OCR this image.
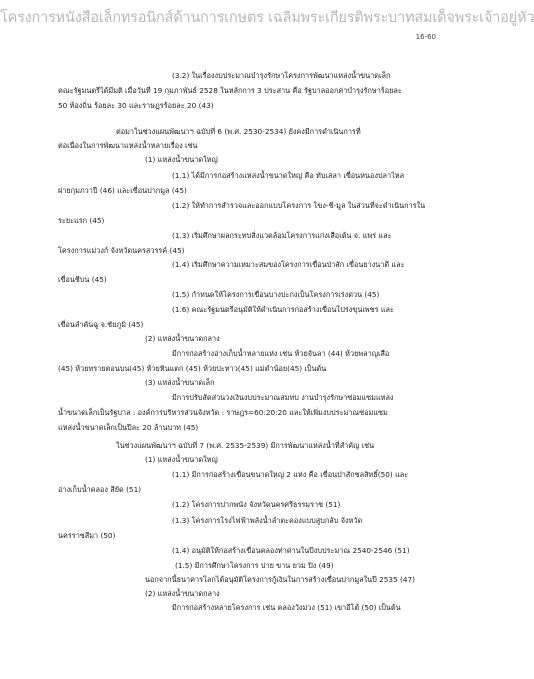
โครงการหนังสือเล็กทรอนิกส์ด้านการเกษตร เฉลิมพระเกียรติพระบาทสมเด็จพระเจ้าอยู่หัว
16-60
(3.2) ในเรื่องงบประมาณบำรุงรักษาโครงการพัฒนาแหล่งน้ำขนาดเล็ก
คณะรัฐมนตรีได้มีมติ เมื่อวันที่ 19 กุมภาพันธ์ 2528 ในหลักการ 3 ประสาน คือ รัฐบาลออกค่าบำรุงรักษาร้อยละ
50 ท้องถิ่น ร้อยละ 30 และราษฎรร้อยละ 20 (43)
ต่อมาในช่วงแผนพัฒนาฯ ฉบับที่ 6 (พ.ศ. 2530-2534) ยังคงมีการดำเนินการที่
ต่อเนื่องในการพัฒนาแหล่งน้ำหลายเรื่อง เช่น
(1) แหล่งน้ำขนาดใหญ่
(1.1) ได้มีการก่อสร้างแหล่งน้ำขนาดใหญ่ คือ ทับเสลา เขื่อนหนองปลาไหล
ฝายกุมภวาปี (46) และเขื่อนปากมูล (45)
(1.2) ให้ทำการสำรวจและออกแบบโครงการ โขง-ชี-มูล ในส่วนที่จะดำเนินการใน
ระยะแรก (45)
(1.3) เริ่มศึกษาผลกระทบสิ่งแวดล้อมโครงการแก่งเสือเต้น จ. แพร่ และ
โครงการแม่วงก์ จังหวัดนครสวรรค์ (45)
(1.4) เริ่มศึกษาความเหมาะสมของโครงการเขื่อนป่าสัก เขื่อนยางนาดี และ
เขื่อนชีบน (45)
(1.5) กำหนดให้โครงการเขื่อนบางปะกงเป็นโครงการเร่งด่วน (45)
(1.6) คณะรัฐมนตรีอนุมัติให้ดำเนินการก่อสร้างเขื่อนโปร่งขุนเพชร และ
เขื่อนลำคันฉู จ.ชัยภูมิ (45)
(2) แหล่งน้ำขนาดกลาง
มีการก่อสร้างอ่างเก็บน้ำหลายแห่ง เช่น ห้วยจันลา (44) ห้วยพลาญเสือ
(45) ห้วยทรายตอนบน(45) ห้วยหินแตก (45) ห้วยปะทาว(45) แม่ตำน้อย(45) เป็นต้น
(3) แหล่งน้ำขนาดเล็ก
มีการปรับสัดส่วนวงเงินงบประมาณสมทบ งานบำรุงรักษาซ่อมแซมแหล่ง
น้ำขนาดเล็กเป็นรัฐบาล : องค์การบริหารส่วนจังหวัด : ราษฎร=60:20:20 และให้เพิ่มงบประมาณซ่อมแซม
แหล่งน้ำขนาดเล็กเป็นปีละ 20 ล้านบาท (45)
ในช่วงแผนพัฒนาฯ ฉบับที่ 7 (พ.ศ. 2535-2539) มีการพัฒนาแหล่งน้ำที่สำคัญ เช่น
(1) แหล่งน้ำขนาดใหญ่
(1.1) มีการก่อสร้างเขื่อนขนาดใหญ่ 2 แห่ง คือ เขื่อนป่าสักชลสิทธิ์(50) และ
อ่างเก็บน้ำคลอง สียัด (51)
(1.2) โครงการปากพนัง จังหวัดนครศรีธรรมราช (51)
(1.3) โครงการโรงไฟฟ้าพลังน้ำลำตะคองแบบสูบกลับ จังหวัด
นครราชสีมา (50)
(1.4) อนุมัติให้ก่อสร้างเขื่อนคลองท่าด่านในปีงบประมาณ 2540-2546 (51)
(1.5) มีการศึกษาโครงการ ปาย ขาน ยวม ปิง (49)
นอกจากนี้ธนาคารโลกได้อนุมัติโครงการกู้เงินในการสร้างเขื่อนปากมูลในปี 2535 (47)
(2) แหล่งน้ำขนาดกลาง
มีการก่อสร้างหลายโครงการ เช่น คลองวังม่วง (51) เขาอีโต้ (50) เป็นต้น
